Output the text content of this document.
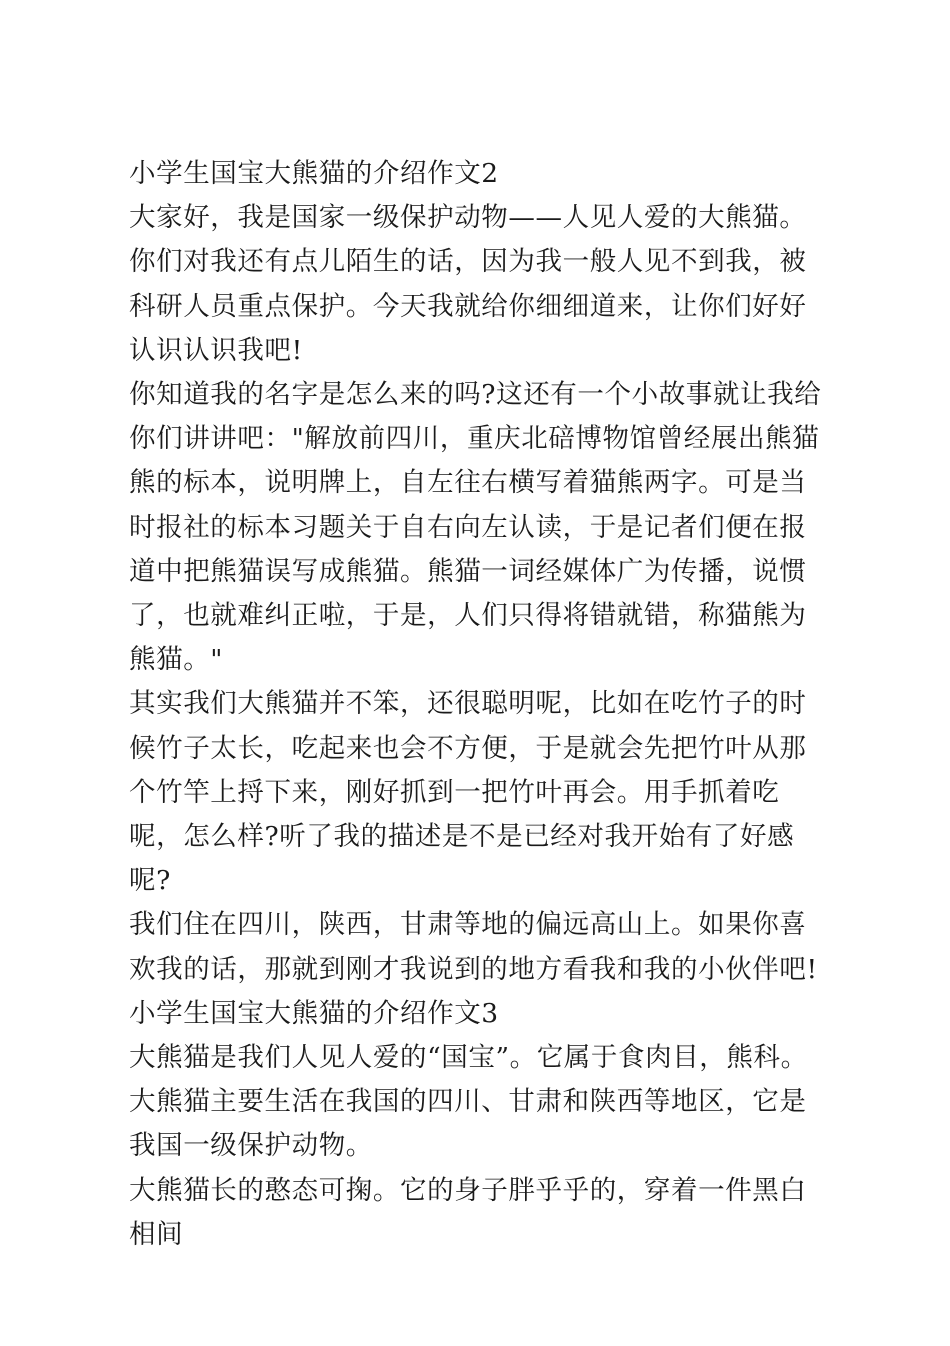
小学生国宝大熊猫的介绍作文2

大家好，我是国家一级保护动物——人见人爱的大熊猫。你们对我还有点儿陌生的话，因为我一般人见不到我，被科研人员重点保护。今天我就给你细细道来，让你们好好认识认识我吧!

你知道我的名字是怎么来的吗?这还有一个小故事就让我给你们讲讲吧："解放前四川，重庆北碚博物馆曾经展出熊猫熊的标本，说明牌上，自左往右横写着猫熊两字。可是当时报社的标本习题关于自右向左认读，于是记者们便在报道中把熊猫误写成熊猫。熊猫一词经媒体广为传播，说惯了，也就难纠正啦，于是，人们只得将错就错，称猫熊为熊猫。"

其实我们大熊猫并不笨，还很聪明呢，比如在吃竹子的时候竹子太长，吃起来也会不方便，于是就会先把竹叶从那个竹竿上捋下来，刚好抓到一把竹叶再会。用手抓着吃呢，怎么样?听了我的描述是不是已经对我开始有了好感呢?

我们住在四川，陕西，甘肃等地的偏远高山上。如果你喜欢我的话，那就到刚才我说到的地方看我和我的小伙伴吧!

小学生国宝大熊猫的介绍作文3

大熊猫是我们人见人爱的“国宝”。它属于食肉目，熊科。大熊猫主要生活在我国的四川、甘肃和陕西等地区，它是我国一级保护动物。

大熊猫长的憨态可掬。它的身子胖乎乎的，穿着一件黑白相间
